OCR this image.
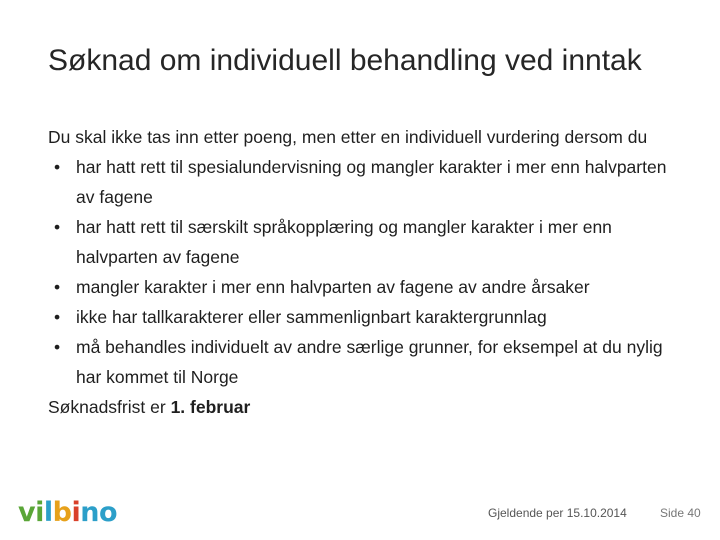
Søknad om individuell behandling ved inntak

Du skal ikke tas inn etter poeng, men etter en individuell vurdering dersom du

• har hatt rett til spesialundervisning og mangler karakter i mer enn halvparten av fagene
• har hatt rett til særskilt språkopplæring og mangler karakter i mer enn halvparten av fagene
• mangler karakter i mer enn halvparten av fagene av andre årsaker
• ikke har tallkarakterer eller sammenlignbart karaktergrunnlag
• må behandles individuelt av andre særlige grunner, for eksempel at du nylig har kommet til Norge

Søknadsfrist er 1. februar

vilbino	Gjeldende per 15.10.2014	Side 40
